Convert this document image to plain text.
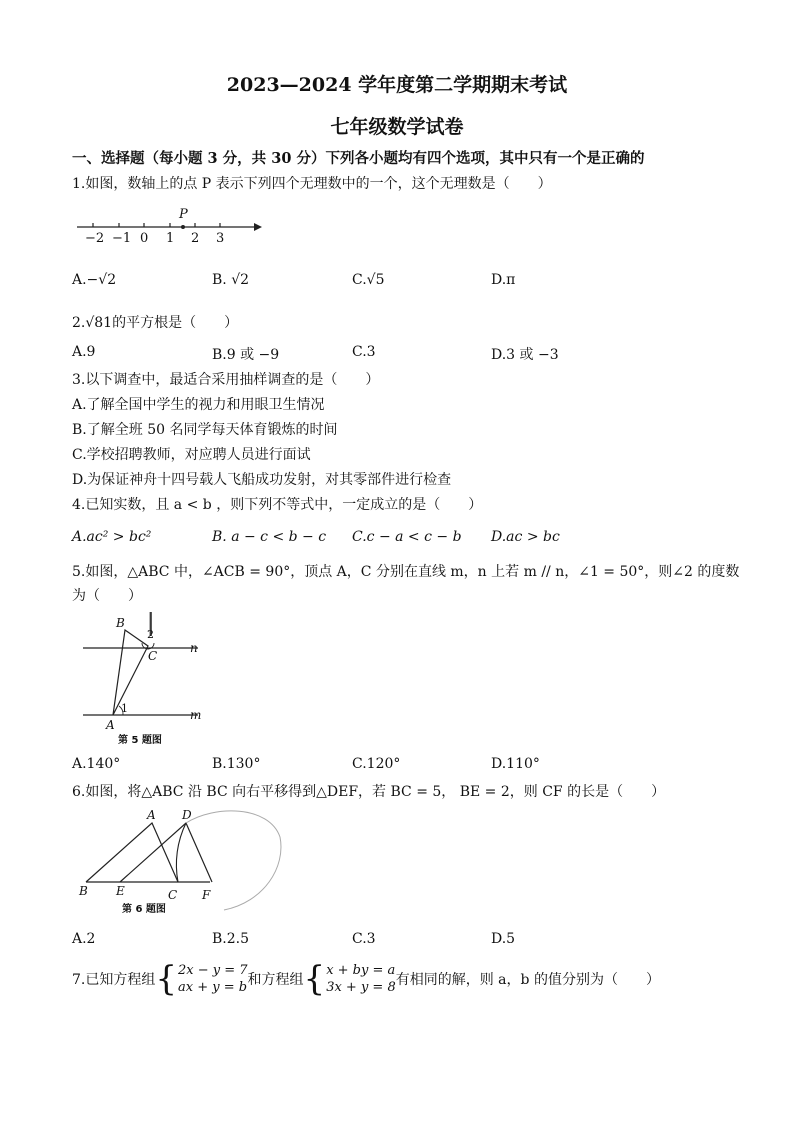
2023—2024 学年度第二学期期末考试
七年级数学试卷
一、选择题（每小题 3 分，共 30 分）下列各小题均有四个选项，其中只有一个是正确的
1.如图，数轴上的点 P 表示下列四个无理数中的一个，这个无理数是（　　）
−2 −1 0 1 2 3
P
A.−√2	B. √2	C.√5	D.π
2.√81的平方根是（　　）
A.9	B.9 或 −9	C.3	D.3 或 −3
3.以下调查中，最适合采用抽样调查的是（　　）
A.了解全国中学生的视力和用眼卫生情况
B.了解全班 50 名同学每天体育锻炼的时间
C.学校招聘教师，对应聘人员进行面试
D.为保证神舟十四号载人飞船成功发射，对其零部件进行检查
4.已知实数，且 a < b ，则下列不等式中，一定成立的是（　　）
A.ac² > bc²	B. a − c < b − c C.c − a < c − b D.ac > bc
5.如图，△ABC 中，∠ACB = 90°，顶点 A，C 分别在直线 m，n 上若 m // n，∠1 = 50°，则∠2 的度数
为（　　）
B
C
A
n
m
1
2
第 5 题图
A.140°	B.130°	C.120°	D.110°
6.如图，将△ABC 沿 BC 向右平移得到△DEF，若 BC = 5， BE = 2，则 CF 的长是（　　）
A D
B E	C F
第 6 题图
A.2	B.2.5	C.3	D.5
7.已知方程组 { 2x − y = 7
ax + y = b 和方程组 { x + by = a
3x + y = 8 有相同的解，则 a，b 的值分别为（　　）
